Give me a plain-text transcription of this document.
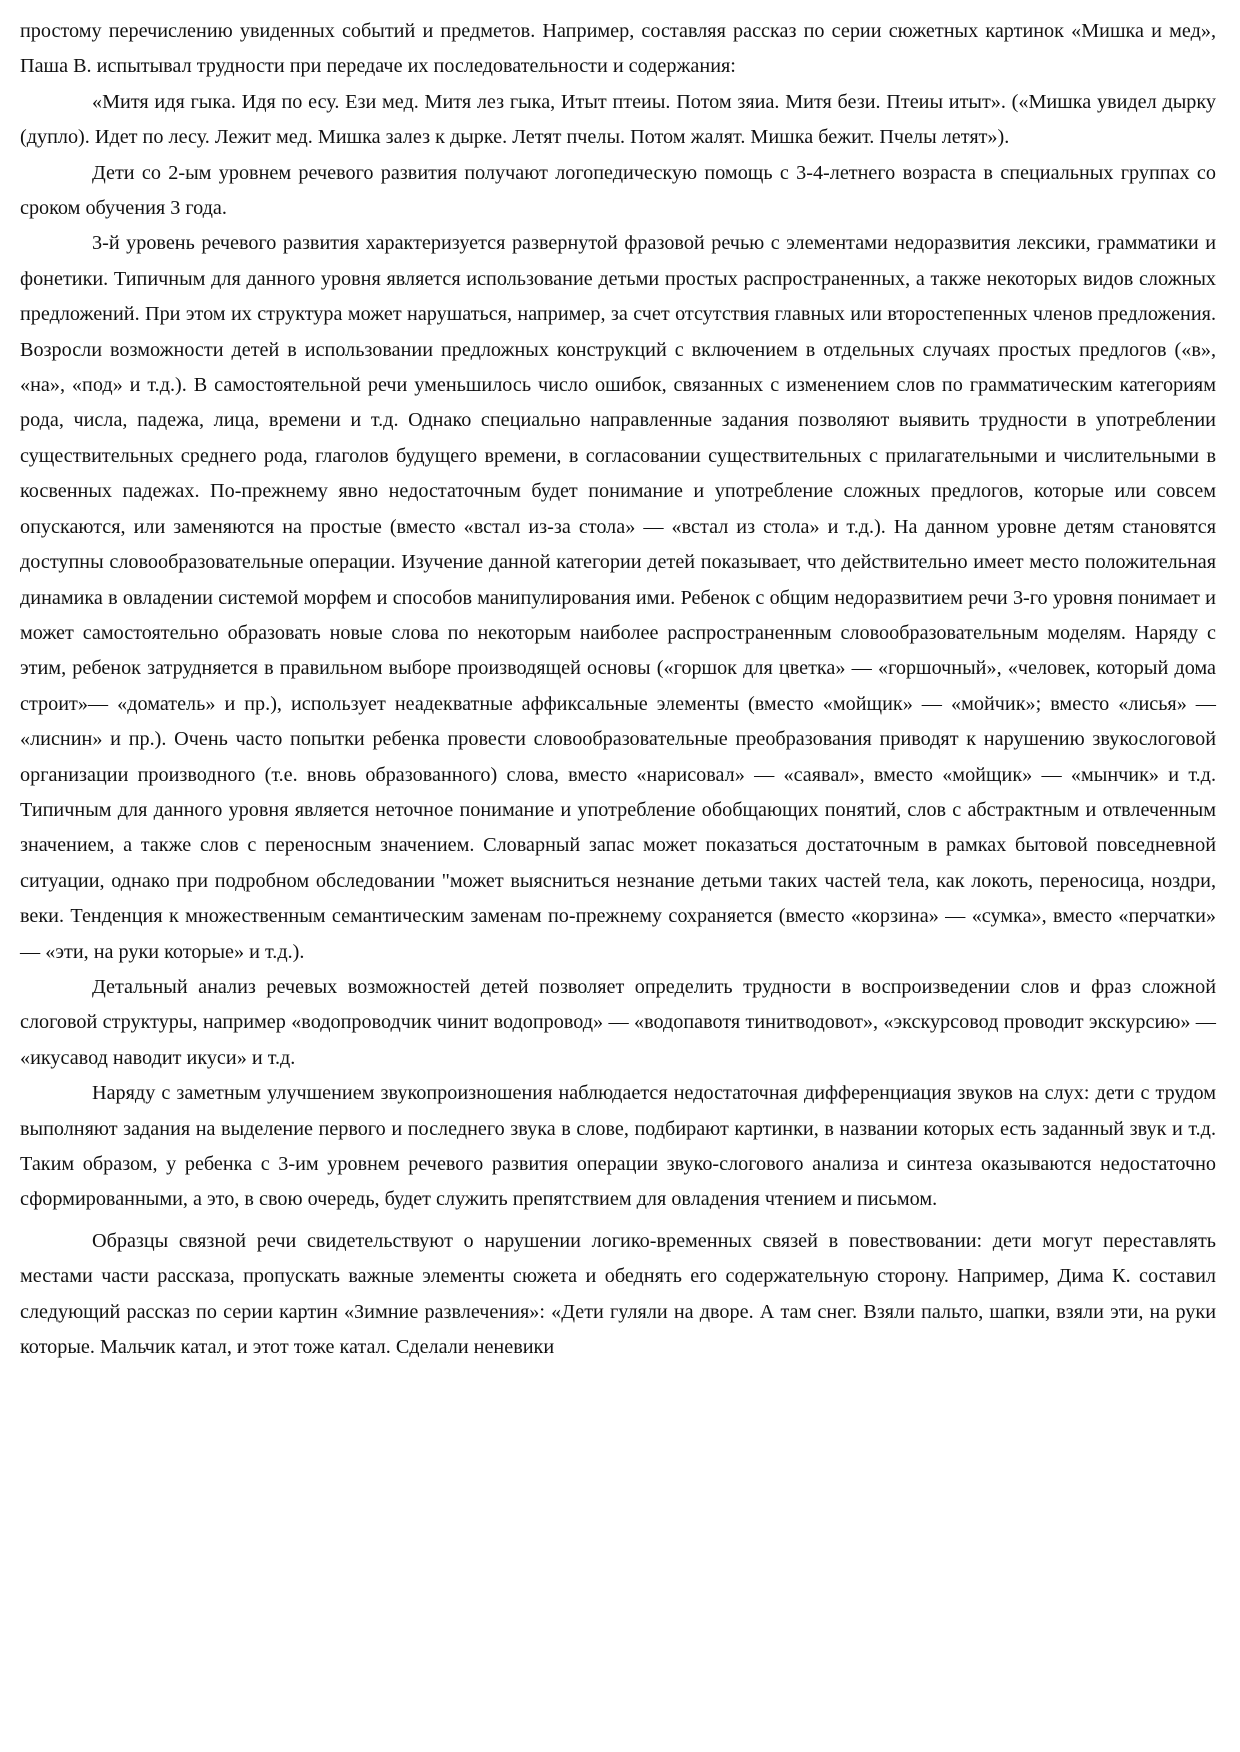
простому перечислению увиденных событий и предметов. Например, составляя рассказ по серии сюжетных картинок «Мишка и мед», Паша В. испытывал трудности при передаче их последовательности и содержания:

«Митя идя гыка. Идя по есу. Ези мед. Митя лез гыка, Итыт птеиы. Потом зяиа. Митя бези. Птеиы итыт». («Мишка увидел дырку (дупло). Идет по лесу. Лежит мед. Мишка залез к дырке. Летят пчелы. Потом жалят. Мишка бежит. Пчелы летят»).

Дети со 2-ым уровнем речевого развития получают логопедическую помощь с 3-4-летнего возраста в специальных группах со сроком обучения 3 года.

3-й уровень речевого развития характеризуется развернутой фразовой речью с элементами недоразвития лексики, грамматики и фонетики. Типичным для данного уровня является использование детьми простых распространенных, а также некоторых видов сложных предложений. При этом их структура может нарушаться, например, за счет отсутствия главных или второстепенных членов предложения. Возросли возможности детей в использовании предложных конструкций с включением в отдельных случаях простых предлогов («в», «на», «под» и т.д.). В самостоятельной речи уменьшилось число ошибок, связанных с изменением слов по грамматическим категориям рода, числа, падежа, лица, времени и т.д. Однако специально направленные задания позволяют выявить трудности в употреблении существительных среднего рода, глаголов будущего времени, в согласовании существительных с прилагательными и числительными в косвенных падежах. По-прежнему явно недостаточным будет понимание и употребление сложных предлогов, которые или совсем опускаются, или заменяются на простые (вместо «встал из-за стола» — «встал из стола» и т.д.). На данном уровне детям становятся доступны словообразовательные операции. Изучение данной категории детей показывает, что действительно имеет место положительная динамика в овладении системой морфем и способов манипулирования ими. Ребенок с общим недоразвитием речи 3-го уровня понимает и может самостоятельно образовать новые слова по некоторым наиболее распространенным словообразовательным моделям. Наряду с этим, ребенок затрудняется в правильном выборе производящей основы («горшок для цветка» — «горшочный», «человек, который дома строит»— «доматель» и пр.), использует неадекватные аффиксальные элементы (вместо «мойщик» — «мойчик»; вместо «лисья» — «лиснин» и пр.). Очень часто попытки ребенка провести словообразовательные преобразования приводят к нарушению звукослоговой организации производного (т.е. вновь образованного) слова, вместо «нарисовал» — «саявал», вместо «мойщик» — «мынчик» и т.д. Типичным для данного уровня является неточное понимание и употребление обобщающих понятий, слов с абстрактным и отвлеченным значением, а также слов с переносным значением. Словарный запас может показаться достаточным в рамках бытовой повседневной ситуации, однако при подробном обследовании "может выясниться незнание детьми таких частей тела, как локоть, переносица, ноздри, веки. Тенденция к множественным семантическим заменам по-прежнему сохраняется (вместо «корзина» — «сумка», вместо «перчатки» — «эти, на руки которые» и т.д.).

Детальный анализ речевых возможностей детей позволяет определить трудности в воспроизведении слов и фраз сложной слоговой структуры, например «водопроводчик чинит водопровод» — «водопавотя тинитводовот», «экскурсовод проводит экскурсию» — «икусавод наводит икуси» и т.д.

Наряду с заметным улучшением звукопроизношения наблюдается недостаточная дифференциация звуков на слух: дети с трудом выполняют задания на выделение первого и последнего звука в слове, подбирают картинки, в названии которых есть заданный звук и т.д. Таким образом, у ребенка с 3-им уровнем речевого развития операции звуко-слогового анализа и синтеза оказываются недостаточно сформированными, а это, в свою очередь, будет служить препятствием для овладения чтением и письмом.

Образцы связной речи свидетельствуют о нарушении логико-временных связей в повествовании: дети могут переставлять местами части рассказа, пропускать важные элементы сюжета и обеднять его содержательную сторону. Например, Дима К. составил следующий рассказ по серии картин «Зимние развлечения»: «Дети гуляли на дворе. А там снег. Взяли пальто, шапки, взяли эти, на руки которые. Мальчик катал, и этот тоже катал. Сделали неневики
